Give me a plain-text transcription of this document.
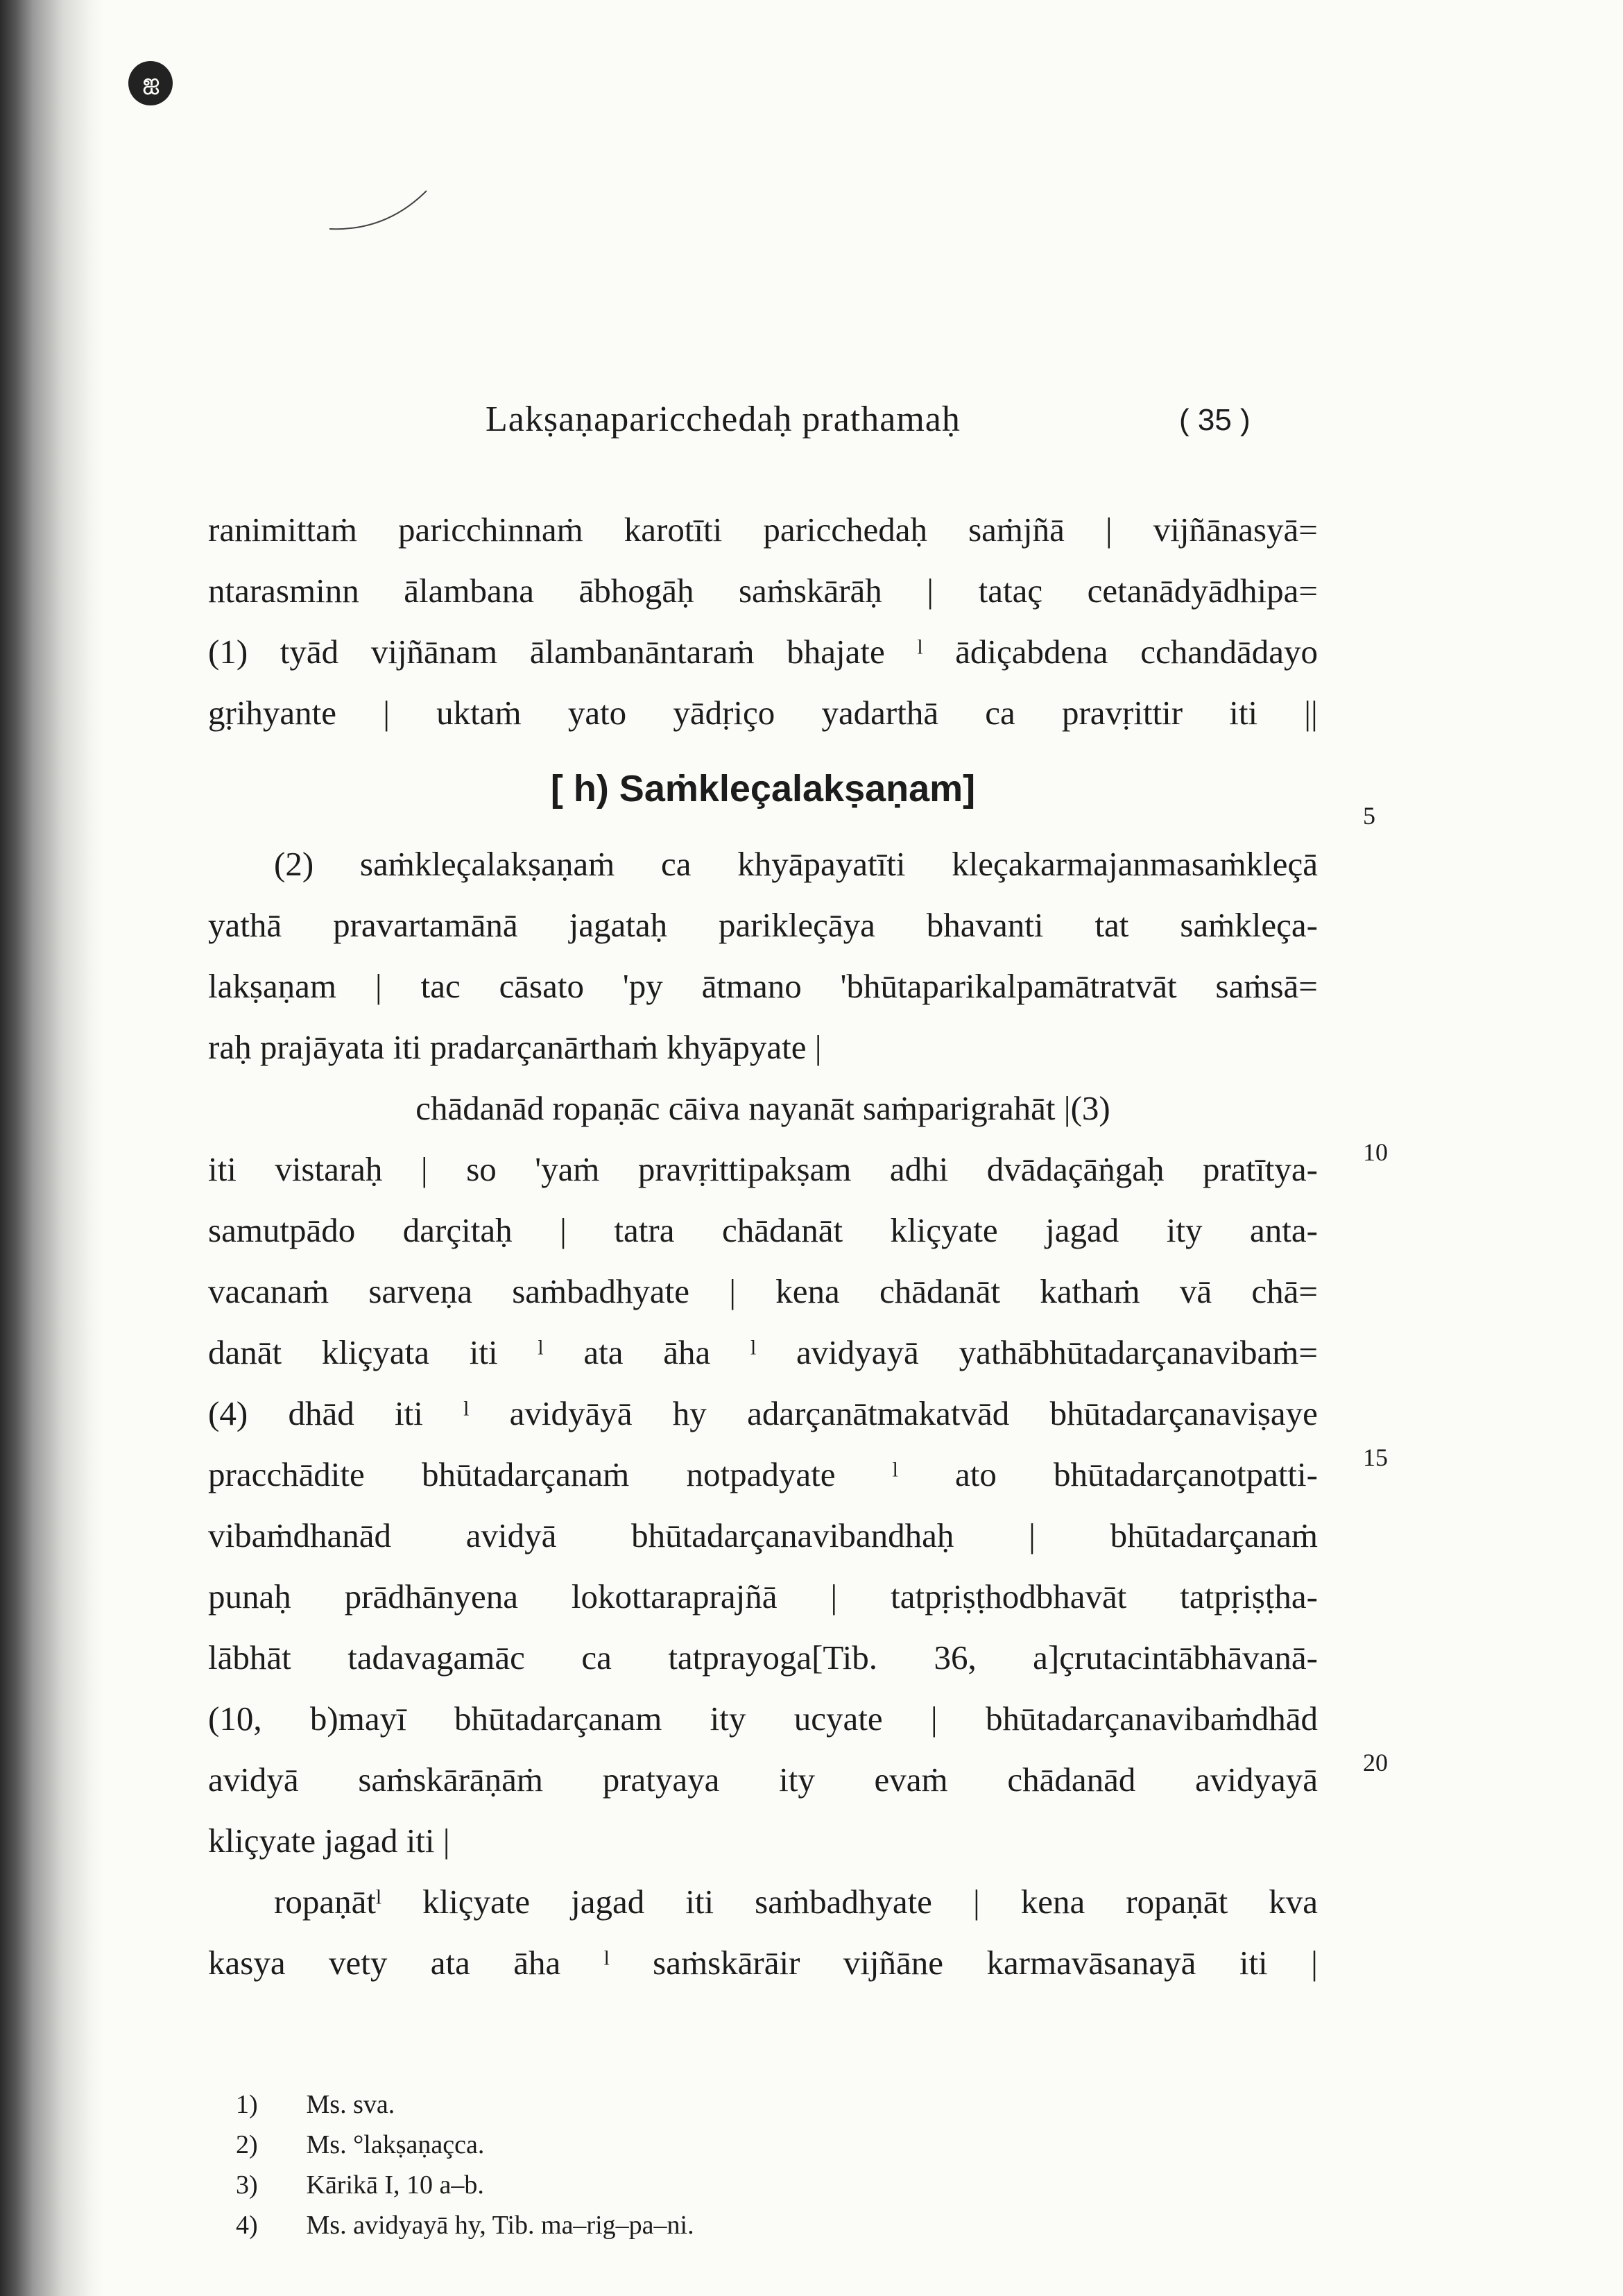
ஐ
Lakṣaṇaparicchedaḥ prathamaḥ	( 35 )
ranimittaṁ paricchinnaṁ karotīti paricchedaḥ saṁjñā | vijñānasyā=
ntarasminn ālambana ābhogāḥ saṁskārāḥ | tataç cetanādyādhipa=
(1) tyād vijñānam ālambanāntaraṁ bhajate ˡ ādiçabdena cchandādayo
gṛihyante | uktaṁ yato yādṛiço yadarthā ca pravṛittir iti ||
[ h) Saṁkleçalakṣaṇam]
(2) saṁkleçalakṣaṇaṁ ca khyāpayatīti kleçakarmajanmasaṁkleçā
yathā pravartamānā jagataḥ parikleçāya bhavanti tat saṁkleça-
lakṣaṇam | tac cāsato 'py ātmano 'bhūtaparikalpamātratvāt saṁsā=
raḥ prajāyata iti pradarçanārthaṁ khyāpyate |
chādanād ropaṇāc cāiva nayanāt saṁparigrahāt |(3)
iti vistaraḥ | so 'yaṁ pravṛittipakṣam adhi dvādaçāṅgaḥ pratītya-
samutpādo darçitaḥ | tatra chādanāt kliçyate jagad ity anta-
vacanaṁ sarveṇa saṁbadhyate | kena chādanāt kathaṁ vā chā=
danāt kliçyata iti ˡ ata āha ˡ avidyayā yathābhūtadarçanavibaṁ=
(4) dhād iti ˡ avidyāyā hy adarçanātmakatvād bhūtadarçanaviṣaye
pracchādite bhūtadarçanaṁ notpadyate ˡ ato bhūtadarçanotpatti-
vibaṁdhanād avidyā bhūtadarçanavibandhaḥ | bhūtadarçanaṁ
punaḥ prādhānyena lokottaraprajñā | tatpṛiṣṭhodbhavāt tatpṛiṣṭha-
lābhāt tadavagamāc ca tatprayoga[Tib. 36, a]çrutacintābhāvanā-
(10, b)mayī bhūtadarçanam ity ucyate | bhūtadarçanavibaṁdhād
avidyā saṁskārāṇāṁ pratyaya ity evaṁ chādanād avidyayā
kliçyate jagad iti |
ropaṇātˡ kliçyate jagad iti saṁbadhyate | kena ropaṇāt kva
kasya vety ata āha ˡ saṁskārāir vijñāne karmavāsanayā iti |
5
10
15
20
1) Ms. sva.
2) Ms. °lakṣaṇaçca.
3) Kārikā I, 10 a–b.
4) Ms. avidyayā hy, Tib. ma–rig–pa–ni.
